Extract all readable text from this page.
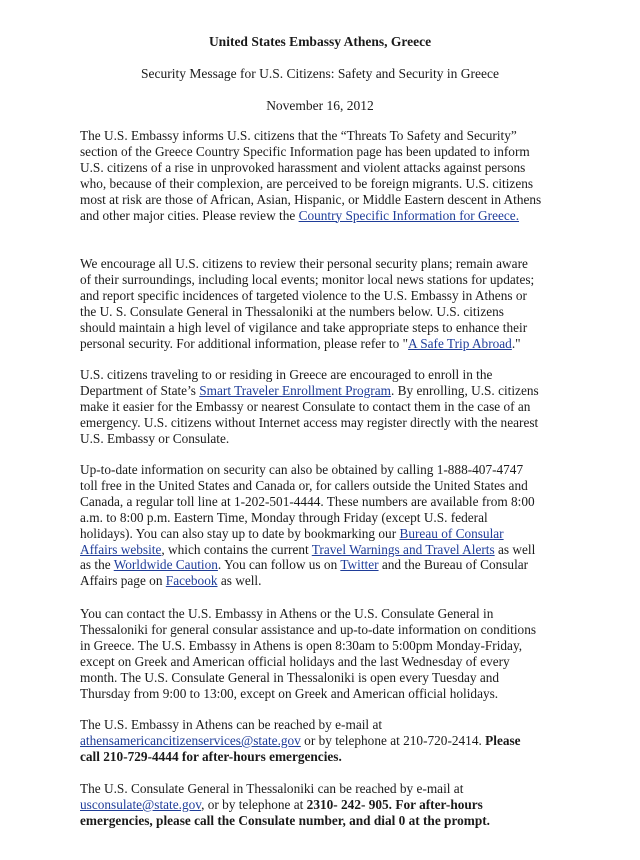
United States Embassy Athens, Greece
Security Message for U.S. Citizens: Safety and Security in Greece
November 16, 2012
The U.S. Embassy informs U.S. citizens that the “Threats To Safety and Security” section of the Greece Country Specific Information page has been updated to inform U.S. citizens of a rise in unprovoked harassment and violent attacks against persons who, because of their complexion, are perceived to be foreign migrants. U.S. citizens most at risk are those of African, Asian, Hispanic, or Middle Eastern descent in Athens and other major cities. Please review the Country Specific Information for Greece.
We encourage all U.S. citizens to review their personal security plans; remain aware of their surroundings, including local events; monitor local news stations for updates; and report specific incidences of targeted violence to the U.S. Embassy in Athens or the U. S. Consulate General in Thessaloniki at the numbers below. U.S. citizens should maintain a high level of vigilance and take appropriate steps to enhance their personal security. For additional information, please refer to "A Safe Trip Abroad."
U.S. citizens traveling to or residing in Greece are encouraged to enroll in the Department of State’s Smart Traveler Enrollment Program. By enrolling, U.S. citizens make it easier for the Embassy or nearest Consulate to contact them in the case of an emergency. U.S. citizens without Internet access may register directly with the nearest U.S. Embassy or Consulate.
Up-to-date information on security can also be obtained by calling 1-888-407-4747 toll free in the United States and Canada or, for callers outside the United States and Canada, a regular toll line at 1-202-501-4444. These numbers are available from 8:00 a.m. to 8:00 p.m. Eastern Time, Monday through Friday (except U.S. federal holidays). You can also stay up to date by bookmarking our Bureau of Consular Affairs website, which contains the current Travel Warnings and Travel Alerts as well as the Worldwide Caution. You can follow us on Twitter and the Bureau of Consular Affairs page on Facebook as well.
You can contact the U.S. Embassy in Athens or the U.S. Consulate General in Thessaloniki for general consular assistance and up-to-date information on conditions in Greece. The U.S. Embassy in Athens is open 8:30am to 5:00pm Monday-Friday, except on Greek and American official holidays and the last Wednesday of every month. The U.S. Consulate General in Thessaloniki is open every Tuesday and Thursday from 9:00 to 13:00, except on Greek and American official holidays.
The U.S. Embassy in Athens can be reached by e-mail at athensamericancitizenservices@state.gov or by telephone at 210-720-2414. Please call 210-729-4444 for after-hours emergencies.
The U.S. Consulate General in Thessaloniki can be reached by e-mail at usconsulate@state.gov, or by telephone at 2310- 242- 905. For after-hours emergencies, please call the Consulate number, and dial 0 at the prompt.
